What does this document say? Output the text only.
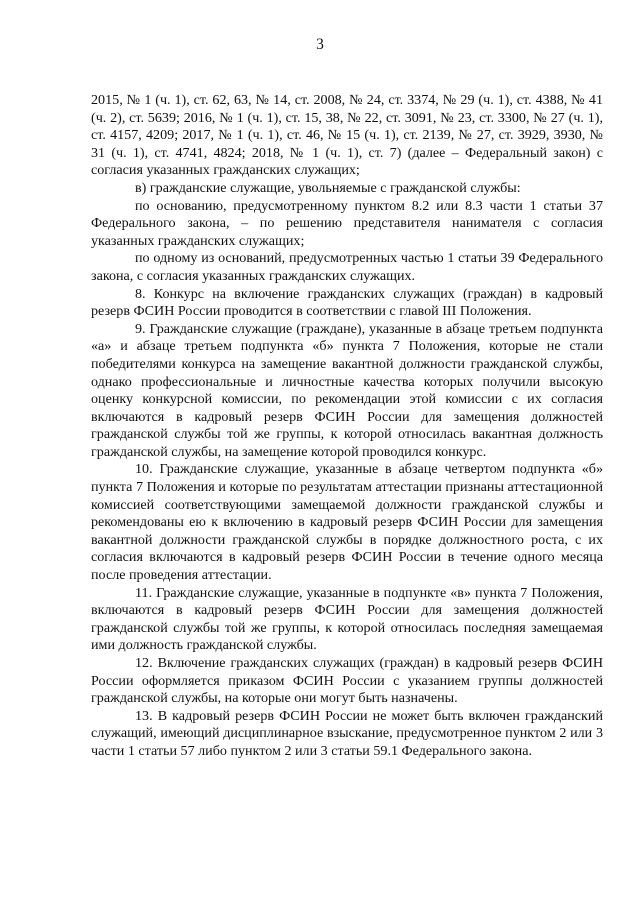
3

2015, № 1 (ч. 1), ст. 62, 63, № 14, ст. 2008, № 24, ст. 3374, № 29 (ч. 1), ст. 4388, № 41 (ч. 2), ст. 5639; 2016, № 1 (ч. 1), ст. 15, 38, № 22, ст. 3091, № 23, ст. 3300, № 27 (ч. 1), ст. 4157, 4209; 2017, № 1 (ч. 1), ст. 46, № 15 (ч. 1), ст. 2139, № 27, ст. 3929, 3930, № 31 (ч. 1), ст. 4741, 4824; 2018, № 1 (ч. 1), ст. 7) (далее – Федеральный закон) с согласия указанных гражданских служащих;

в) гражданские служащие, увольняемые с гражданской службы:

по основанию, предусмотренному пунктом 8.2 или 8.3 части 1 статьи 37 Федерального закона, – по решению представителя нанимателя с согласия указанных гражданских служащих;

по одному из оснований, предусмотренных частью 1 статьи 39 Федерального закона, с согласия указанных гражданских служащих.

8. Конкурс на включение гражданских служащих (граждан) в кадровый резерв ФСИН России проводится в соответствии с главой III Положения.

9. Гражданские служащие (граждане), указанные в абзаце третьем подпункта «а» и абзаце третьем подпункта «б» пункта 7 Положения, которые не стали победителями конкурса на замещение вакантной должности гражданской службы, однако профессиональные и личностные качества которых получили высокую оценку конкурсной комиссии, по рекомендации этой комиссии с их согласия включаются в кадровый резерв ФСИН России для замещения должностей гражданской службы той же группы, к которой относилась вакантная должность гражданской службы, на замещение которой проводился конкурс.

10. Гражданские служащие, указанные в абзаце четвертом подпункта «б» пункта 7 Положения и которые по результатам аттестации признаны аттестационной комиссией соответствующими замещаемой должности гражданской службы и рекомендованы ею к включению в кадровый резерв ФСИН России для замещения вакантной должности гражданской службы в порядке должностного роста, с их согласия включаются в кадровый резерв ФСИН России в течение одного месяца после проведения аттестации.

11. Гражданские служащие, указанные в подпункте «в» пункта 7 Положения, включаются в кадровый резерв ФСИН России для замещения должностей гражданской службы той же группы, к которой относилась последняя замещаемая ими должность гражданской службы.

12. Включение гражданских служащих (граждан) в кадровый резерв ФСИН России оформляется приказом ФСИН России с указанием группы должностей гражданской службы, на которые они могут быть назначены.

13. В кадровый резерв ФСИН России не может быть включен гражданский служащий, имеющий дисциплинарное взыскание, предусмотренное пунктом 2 или 3 части 1 статьи 57 либо пунктом 2 или 3 статьи 59.1 Федерального закона.
